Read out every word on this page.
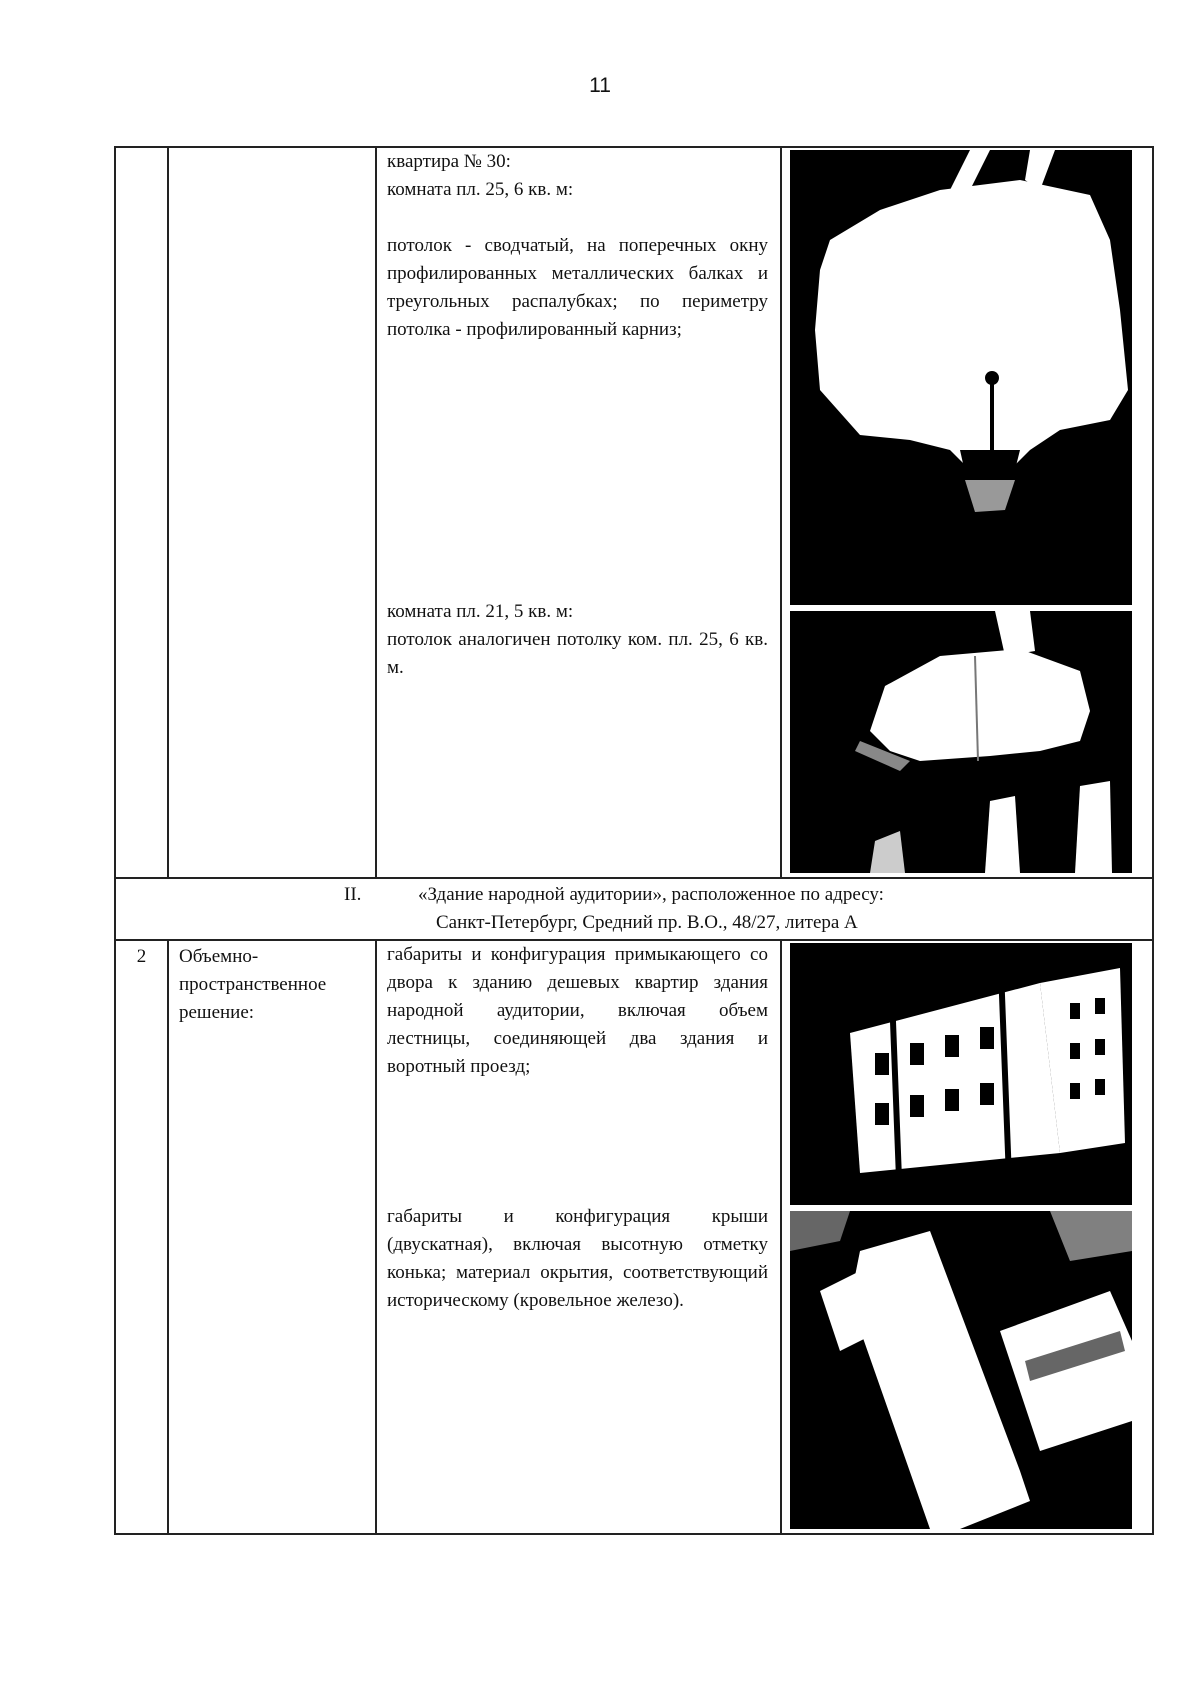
11

		квартира № 30:

комната пл. 25, 6 кв. м:

потолок - сводчатый, на поперечных окну профилированных металлических балках и треугольных распалубках; по периметру потолка - профилированный карниз;

комната пл. 21, 5 кв. м:

потолок аналогичен потолку ком. пл. 25, 6 кв. м.

II. «Здание народной аудитории», расположенное по адресу:
Санкт-Петербург, Средний пр. В.О., 48/27, литера А			

2	Объемно-пространственное решение:	габариты и конфигурация примыкающего со двора к зданию дешевых квартир здания народной аудитории, включая объем лестницы, соединяющей два здания и воротный проезд;

габариты и конфигурация крыши (двускатная), включая высотную отметку конька; материал окрытия, соответствующий историческому (кровельное железо).
